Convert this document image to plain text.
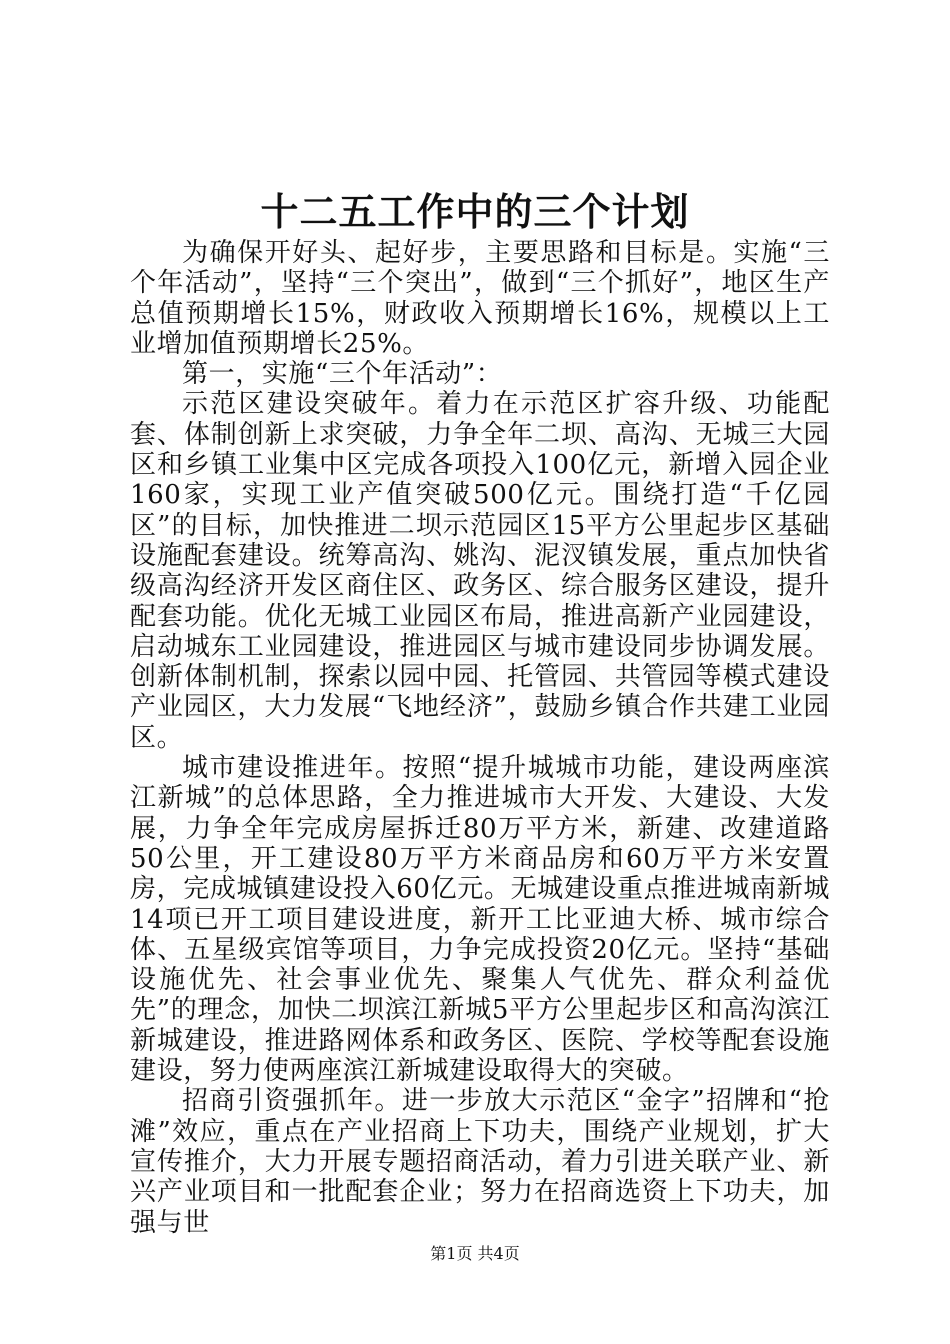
十二五工作中的三个计划

为确保开好头、起好步，主要思路和目标是。实施“三个年活动”，坚持“三个突出”，做到“三个抓好”，地区生产总值预期增长15%，财政收入预期增长16%，规模以上工业增加值预期增长25%。

第一，实施“三个年活动”：

示范区建设突破年。着力在示范区扩容升级、功能配套、体制创新上求突破，力争全年二坝、高沟、无城三大园区和乡镇工业集中区完成各项投入100亿元，新增入园企业160家，实现工业产值突破500亿元。围绕打造“千亿园区”的目标，加快推进二坝示范园区15平方公里起步区基础设施配套建设。统筹高沟、姚沟、泥汊镇发展，重点加快省级高沟经济开发区商住区、政务区、综合服务区建设，提升配套功能。优化无城工业园区布局，推进高新产业园建设，启动城东工业园建设，推进园区与城市建设同步协调发展。创新体制机制，探索以园中园、托管园、共管园等模式建设产业园区，大力发展“飞地经济”，鼓励乡镇合作共建工业园区。

城市建设推进年。按照“提升城城市功能，建设两座滨江新城”的总体思路，全力推进城市大开发、大建设、大发展，力争全年完成房屋拆迁80万平方米，新建、改建道路50公里，开工建设80万平方米商品房和60万平方米安置房，完成城镇建设投入60亿元。无城建设重点推进城南新城14项已开工项目建设进度，新开工比亚迪大桥、城市综合体、五星级宾馆等项目，力争完成投资20亿元。坚持“基础设施优先、社会事业优先、聚集人气优先、群众利益优先”的理念，加快二坝滨江新城5平方公里起步区和高沟滨江新城建设，推进路网体系和政务区、医院、学校等配套设施建设，努力使两座滨江新城建设取得大的突破。

招商引资强抓年。进一步放大示范区“金字”招牌和“抢滩”效应，重点在产业招商上下功夫，围绕产业规划，扩大宣传推介，大力开展专题招商活动，着力引进关联产业、新兴产业项目和一批配套企业；努力在招商选资上下功夫，加强与世

第1页 共4页
